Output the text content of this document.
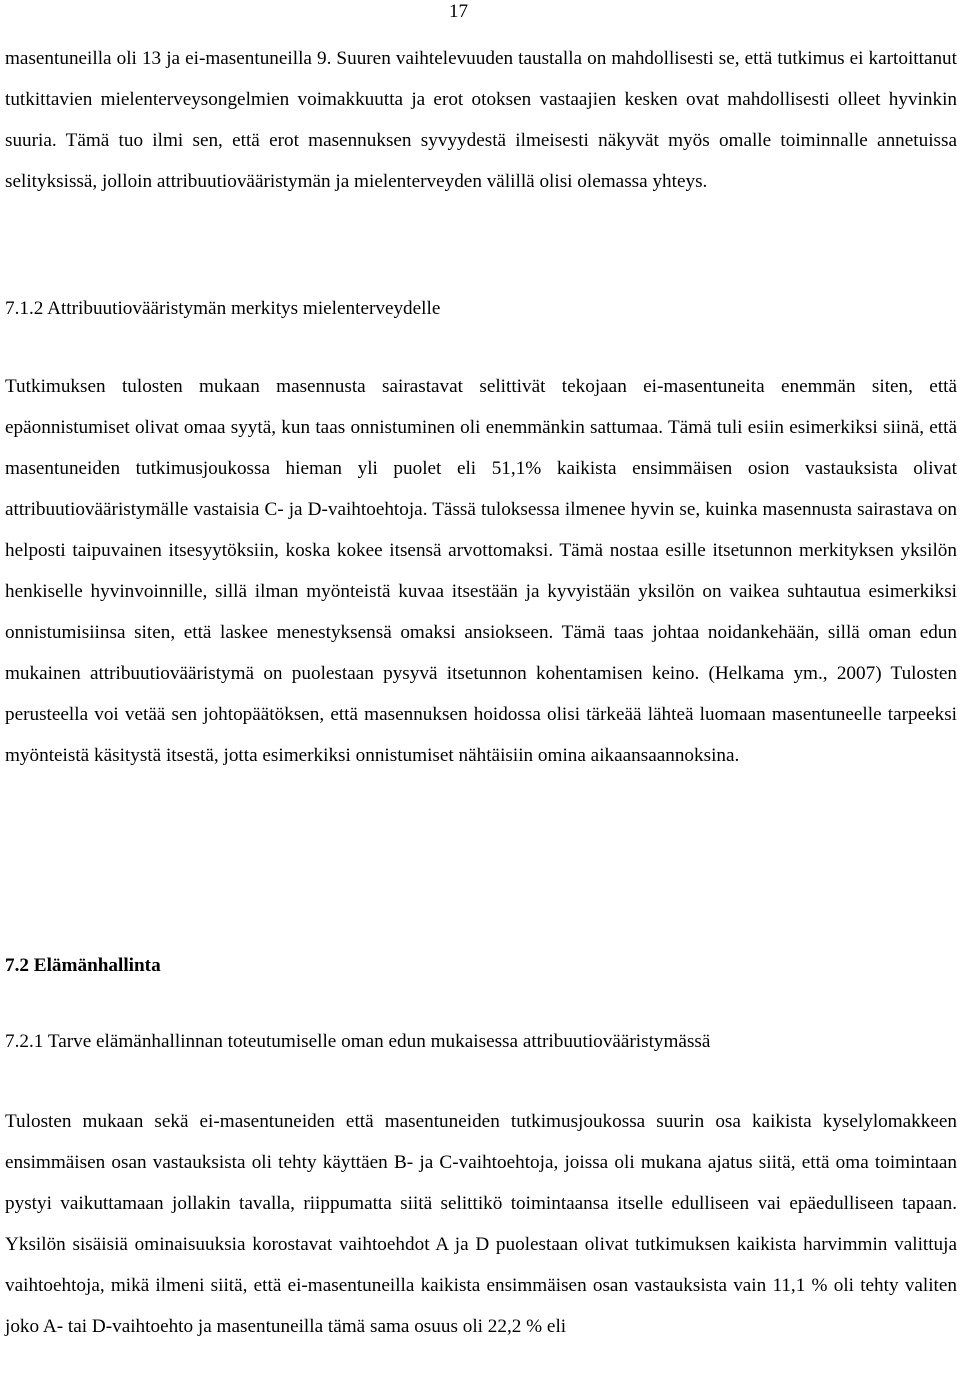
17

masentuneilla oli 13 ja ei-masentuneilla 9. Suuren vaihtelevuuden taustalla on mahdollisesti se, että tutkimus ei kartoittanut tutkittavien mielenterveysongelmien voimakkuutta ja erot otoksen vastaajien kesken ovat mahdollisesti olleet hyvinkin suuria. Tämä tuo ilmi sen, että erot masennuksen syvyydestä ilmeisesti näkyvät myös omalle toiminnalle annetuissa selityksissä, jolloin attribuutiovääristymän ja mielenterveyden välillä olisi olemassa yhteys.

7.1.2 Attribuutiovääristymän merkitys mielenterveydelle

Tutkimuksen tulosten mukaan masennusta sairastavat selittivät tekojaan ei-masentuneita enemmän siten, että epäonnistumiset olivat omaa syytä, kun taas onnistuminen oli enemmänkin sattumaa. Tämä tuli esiin esimerkiksi siinä, että masentuneiden tutkimusjoukossa hieman yli puolet eli 51,1% kaikista ensimmäisen osion vastauksista olivat attribuutiovääristymälle vastaisia C- ja D-vaihtoehtoja. Tässä tuloksessa ilmenee hyvin se, kuinka masennusta sairastava on helposti taipuvainen itsesyytöksiin, koska kokee itsensä arvottomaksi. Tämä nostaa esille itsetunnon merkityksen yksilön henkiselle hyvinvoinnille, sillä ilman myönteistä kuvaa itsestään ja kyvyistään yksilön on vaikea suhtautua esimerkiksi onnistumisiinsa siten, että laskee menestyksensä omaksi ansiokseen. Tämä taas johtaa noidankehään, sillä oman edun mukainen attribuutiovääristymä on puolestaan pysyvä itsetunnon kohentamisen keino. (Helkama ym., 2007) Tulosten perusteella voi vetää sen johtopäätöksen, että masennuksen hoidossa olisi tärkeää lähteä luomaan masentuneelle tarpeeksi myönteistä käsitystä itsestä, jotta esimerkiksi onnistumiset nähtäisiin omina aikaansaannoksina.

7.2 Elämänhallinta
7.2.1 Tarve elämänhallinnan toteutumiselle oman edun mukaisessa attribuutiovääristymässä

Tulosten mukaan sekä ei-masentuneiden että masentuneiden tutkimusjoukossa suurin osa kaikista kyselylomakkeen ensimmäisen osan vastauksista oli tehty käyttäen B- ja C-vaihtoehtoja, joissa oli mukana ajatus siitä, että oma toimintaan pystyi vaikuttamaan jollakin tavalla, riippumatta siitä selittikö toimintaansa itselle edulliseen vai epäedulliseen tapaan. Yksilön sisäisiä ominaisuuksia korostavat vaihtoehdot A ja D puolestaan olivat tutkimuksen kaikista harvimmin valittuja vaihtoehtoja, mikä ilmeni siitä, että ei-masentuneilla kaikista ensimmäisen osan vastauksista vain 11,1 % oli tehty valiten joko A- tai D-vaihtoehto ja masentuneilla tämä sama osuus oli 22,2 % eli
